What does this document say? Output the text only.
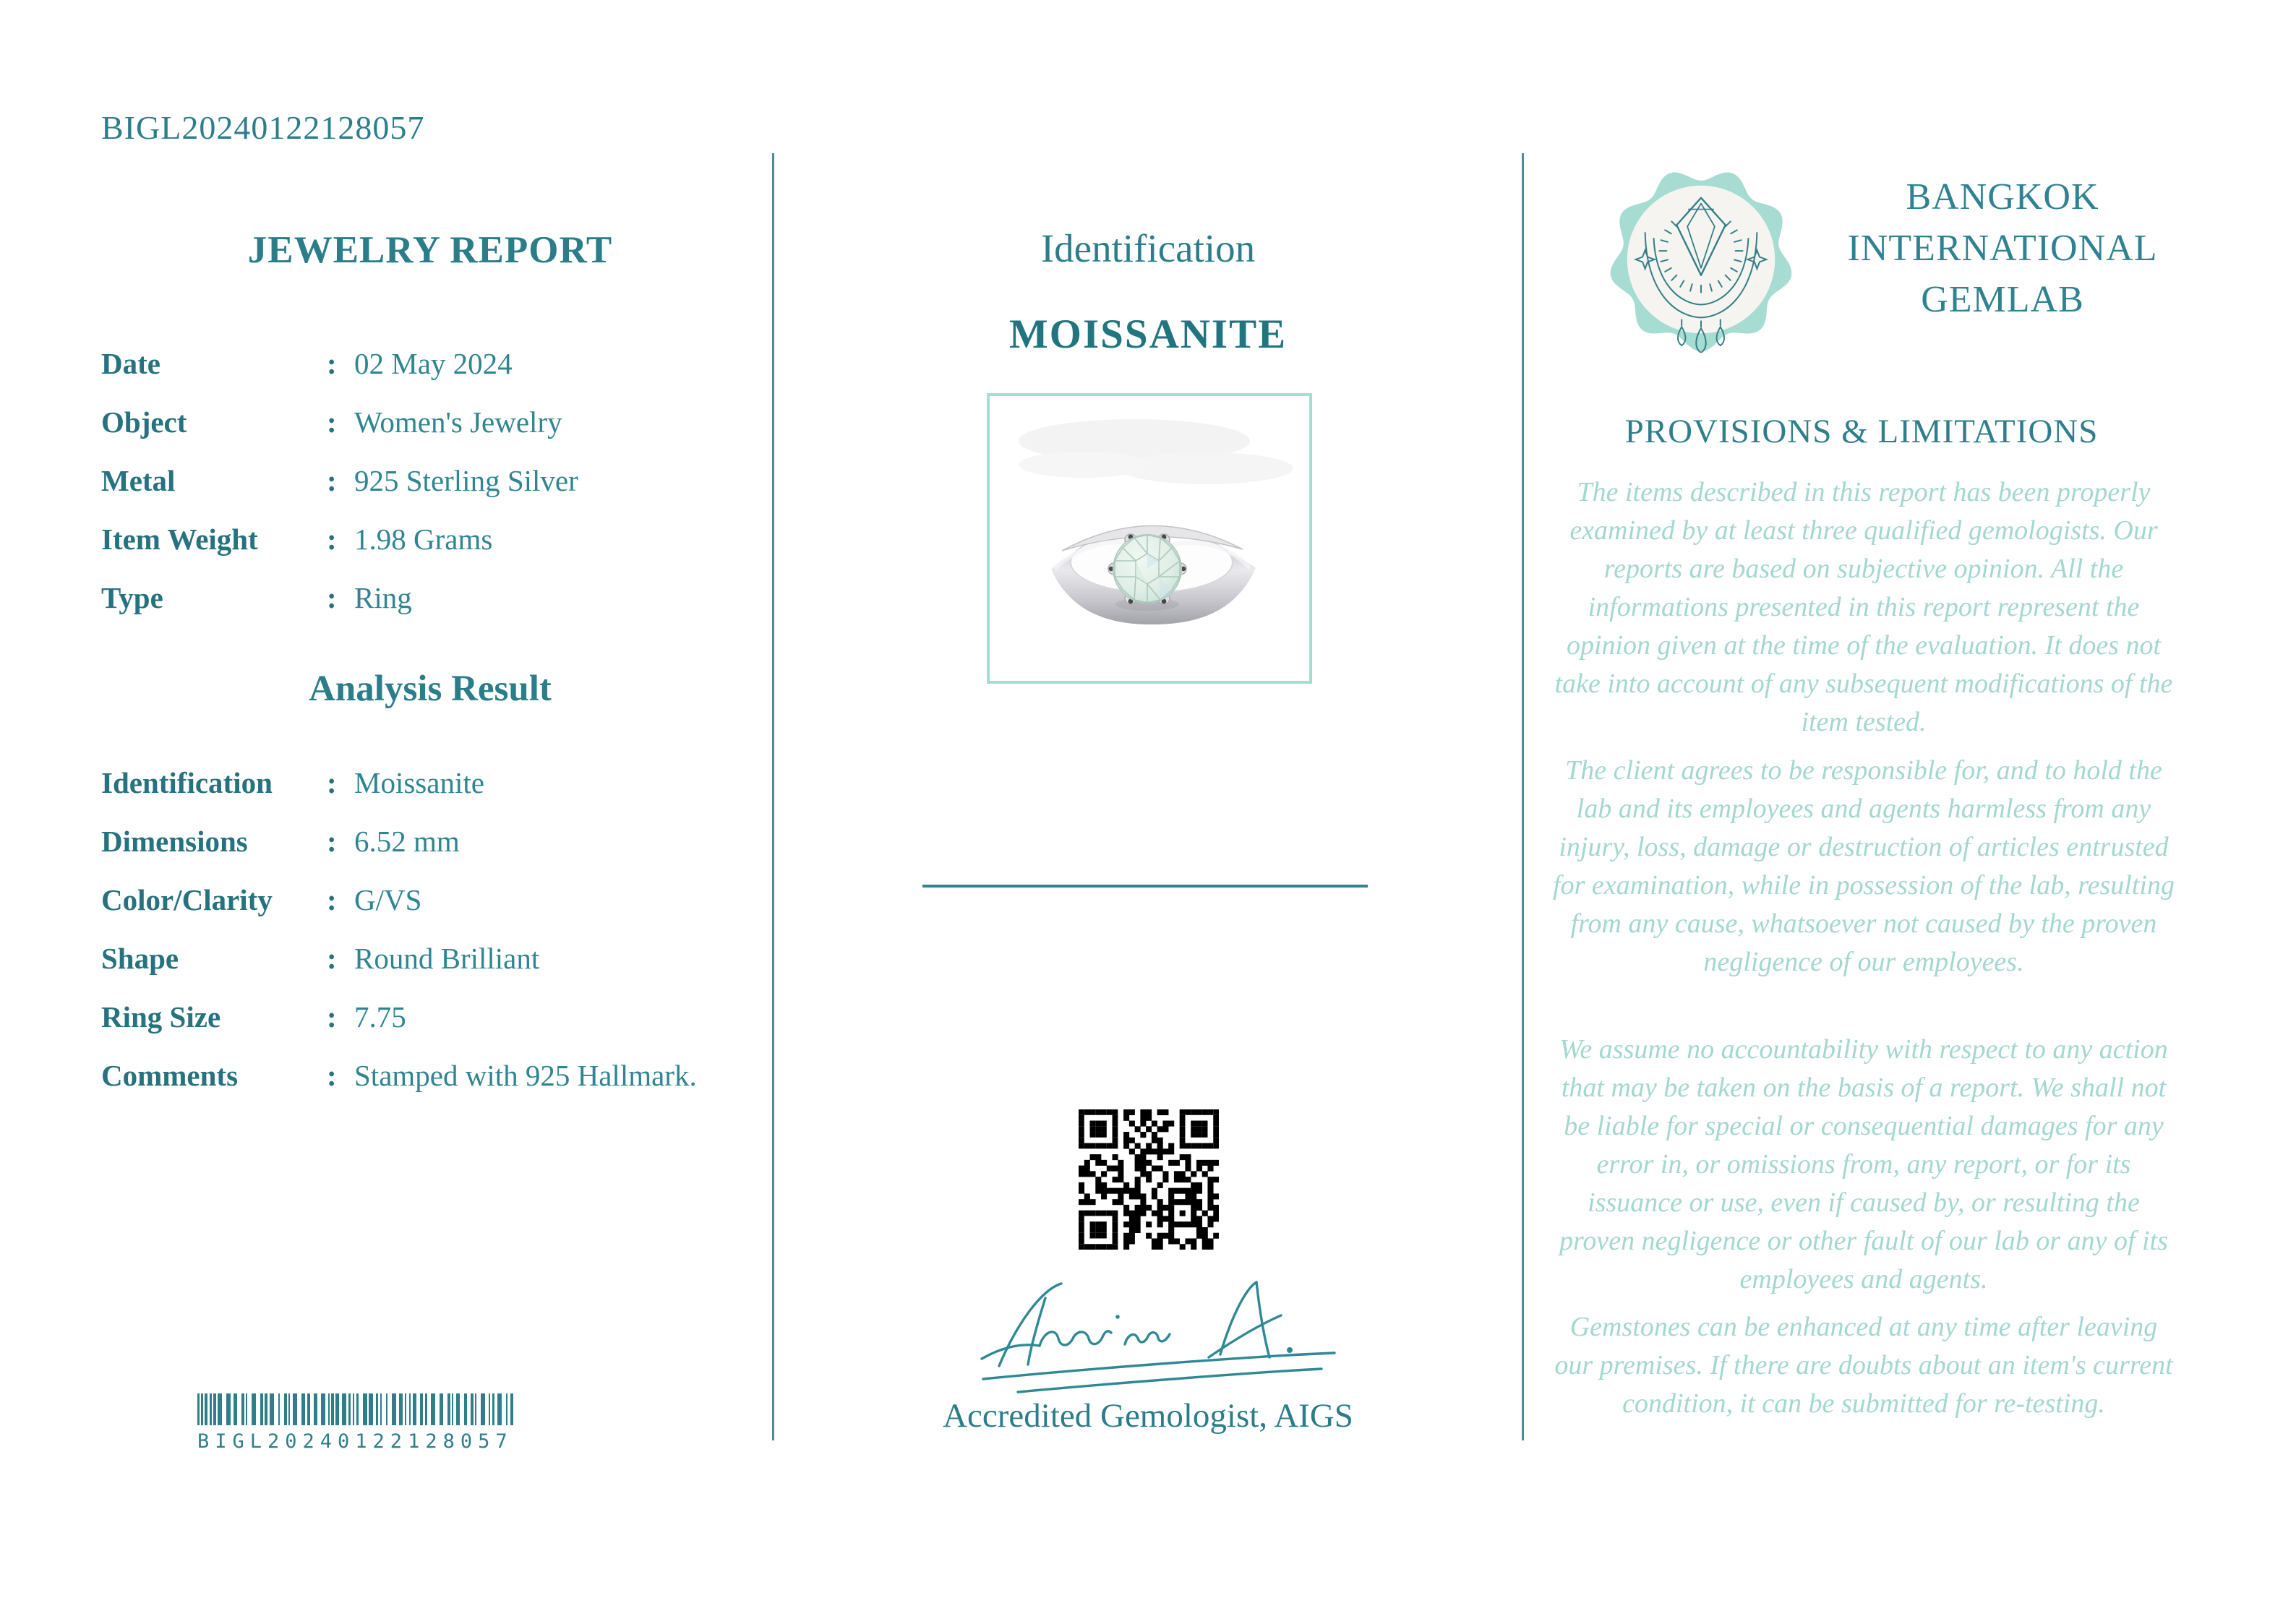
BIGL20240122128057
JEWELRY REPORT
Date	: 02 May 2024
Object	: Women's Jewelry
Metal	: 925 Sterling Silver
Item Weight	: 1.98 Grams
Type	: Ring
Analysis Result
Identification	: Moissanite
Dimensions	: 6.52 mm
Color/Clarity	: G/VS
Shape	: Round Brilliant
Ring Size	: 7.75
Comments	: Stamped with 925 Hallmark.
BIGL20240122128057
Identification
MOISSANITE
Accredited Gemologist, AIGS
BANGKOK
INTERNATIONAL
GEMLAB
PROVISIONS & LIMITATIONS
The items described in this report has been properly examined by at least three qualified gemologists. Our reports are based on subjective opinion. All the informations presented in this report represent the opinion given at the time of the evaluation. It does not take into account of any subsequent modifications of the item tested.
The client agrees to be responsible for, and to hold the lab and its employees and agents harmless from any injury, loss, damage or destruction of articles entrusted for examination, while in possession of the lab, resulting from any cause, whatsoever not caused by the proven negligence of our employees.
We assume no accountability with respect to any action that may be taken on the basis of a report. We shall not be liable for special or consequential damages for any error in, or omissions from, any report, or for its issuance or use, even if caused by, or resulting the proven negligence or other fault of our lab or any of its employees and agents.
Gemstones can be enhanced at any time after leaving our premises. If there are doubts about an item's current condition, it can be submitted for re-testing.
